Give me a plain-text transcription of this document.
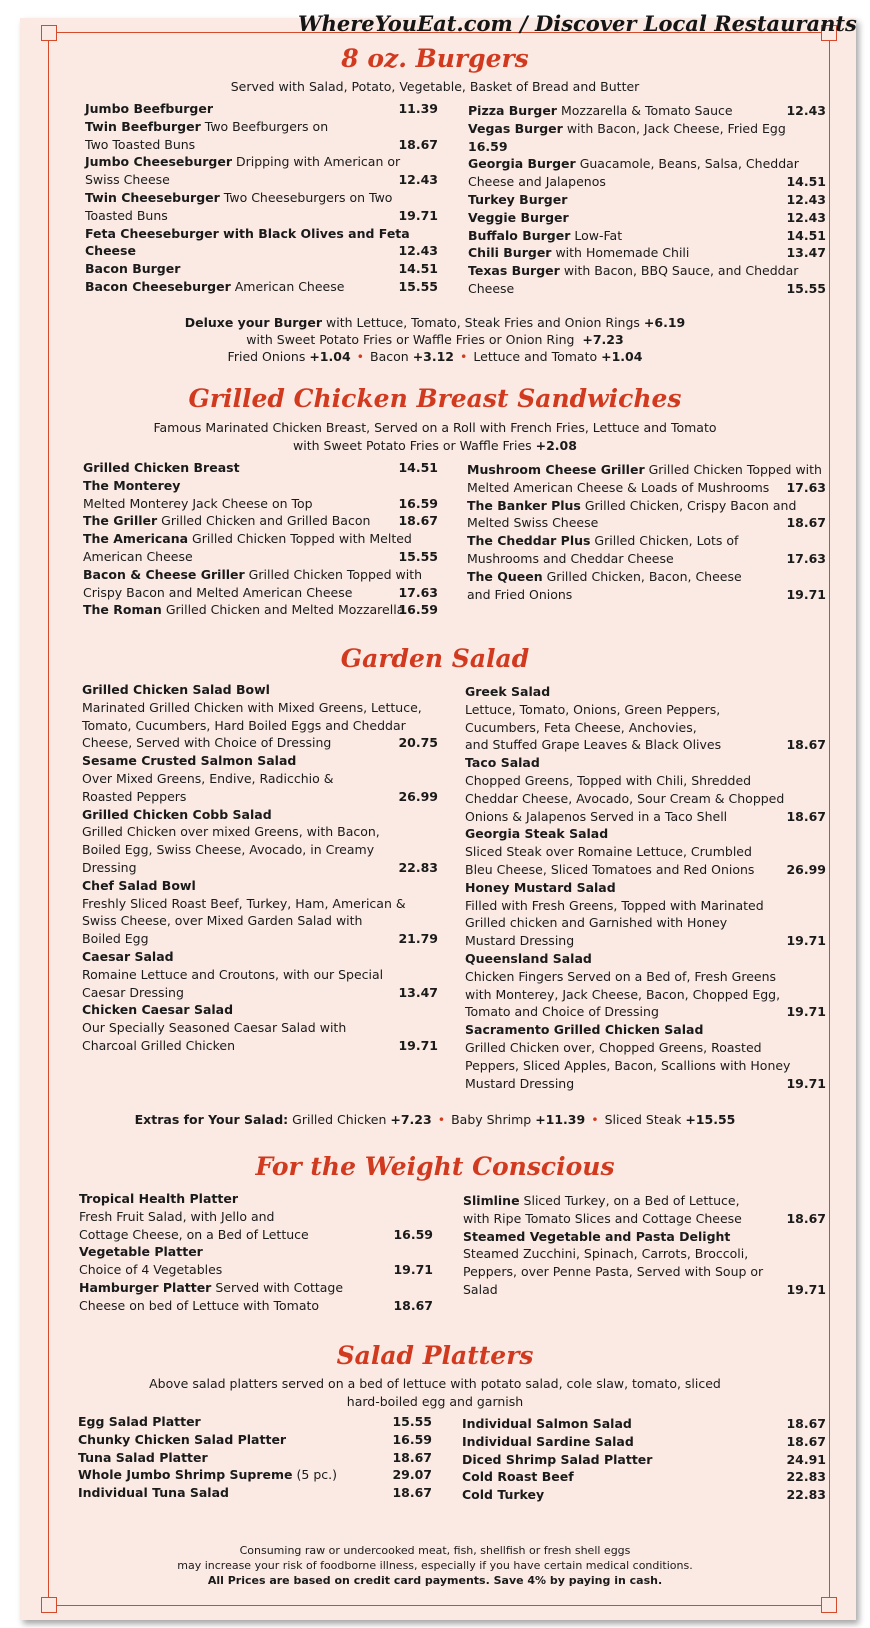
WhereYouEat.com / Discover Local Restaurants
8 oz. Burgers
Served with Salad, Potato, Vegetable, Basket of Bread and Butter
Jumbo Beefburger	11.39
Twin Beefburger Two Beefburgers on
Two Toasted Buns	18.67
Jumbo Cheeseburger Dripping with American or
Swiss Cheese	12.43
Twin Cheeseburger Two Cheeseburgers on Two
Toasted Buns	19.71
Feta Cheeseburger with Black Olives and Feta
Cheese	12.43
Bacon Burger	14.51
Bacon Cheeseburger American Cheese	15.55
Pizza Burger Mozzarella & Tomato Sauce	12.43
Vegas Burger with Bacon, Jack Cheese, Fried Egg
16.59
Georgia Burger Guacamole, Beans, Salsa, Cheddar
Cheese and Jalapenos	14.51
Turkey Burger	12.43
Veggie Burger	12.43
Buffalo Burger Low-Fat	14.51
Chili Burger with Homemade Chili	13.47
Texas Burger with Bacon, BBQ Sauce, and Cheddar
Cheese	15.55
Deluxe your Burger with Lettuce, Tomato, Steak Fries and Onion Rings +6.19
with Sweet Potato Fries or Waffle Fries or Onion Ring +7.23
Fried Onions +1.04 • Bacon +3.12 • Lettuce and Tomato +1.04
Grilled Chicken Breast Sandwiches
Famous Marinated Chicken Breast, Served on a Roll with French Fries, Lettuce and Tomato
with Sweet Potato Fries or Waffle Fries +2.08
Grilled Chicken Breast	14.51
The Monterey
Melted Monterey Jack Cheese on Top	16.59
The Griller Grilled Chicken and Grilled Bacon	18.67
The Americana Grilled Chicken Topped with Melted
American Cheese	15.55
Bacon & Cheese Griller Grilled Chicken Topped with
Crispy Bacon and Melted American Cheese	17.63
The Roman Grilled Chicken and Melted Mozzarella
16.59
Mushroom Cheese Griller Grilled Chicken Topped with
Melted American Cheese & Loads of Mushrooms	17.63
The Banker Plus Grilled Chicken, Crispy Bacon and
Melted Swiss Cheese	18.67
The Cheddar Plus Grilled Chicken, Lots of
Mushrooms and Cheddar Cheese	17.63
The Queen Grilled Chicken, Bacon, Cheese
and Fried Onions	19.71
Garden Salad
Grilled Chicken Salad Bowl
Marinated Grilled Chicken with Mixed Greens, Lettuce,
Tomato, Cucumbers, Hard Boiled Eggs and Cheddar
Cheese, Served with Choice of Dressing	20.75
Sesame Crusted Salmon Salad
Over Mixed Greens, Endive, Radicchio &
Roasted Peppers	26.99
Grilled Chicken Cobb Salad
Grilled Chicken over mixed Greens, with Bacon,
Boiled Egg, Swiss Cheese, Avocado, in Creamy
Dressing	22.83
Chef Salad Bowl
Freshly Sliced Roast Beef, Turkey, Ham, American &
Swiss Cheese, over Mixed Garden Salad with
Boiled Egg	21.79
Caesar Salad
Romaine Lettuce and Croutons, with our Special
Caesar Dressing	13.47
Chicken Caesar Salad
Our Specially Seasoned Caesar Salad with
Charcoal Grilled Chicken	19.71
Greek Salad
Lettuce, Tomato, Onions, Green Peppers,
Cucumbers, Feta Cheese, Anchovies,
and Stuffed Grape Leaves & Black Olives	18.67
Taco Salad
Chopped Greens, Topped with Chili, Shredded
Cheddar Cheese, Avocado, Sour Cream & Chopped
Onions & Jalapenos Served in a Taco Shell	18.67
Georgia Steak Salad
Sliced Steak over Romaine Lettuce, Crumbled
Bleu Cheese, Sliced Tomatoes and Red Onions	26.99
Honey Mustard Salad
Filled with Fresh Greens, Topped with Marinated
Grilled chicken and Garnished with Honey
Mustard Dressing	19.71
Queensland Salad
Chicken Fingers Served on a Bed of, Fresh Greens
with Monterey, Jack Cheese, Bacon, Chopped Egg,
Tomato and Choice of Dressing	19.71
Sacramento Grilled Chicken Salad
Grilled Chicken over, Chopped Greens, Roasted
Peppers, Sliced Apples, Bacon, Scallions with Honey
Mustard Dressing	19.71
Extras for Your Salad: Grilled Chicken +7.23 • Baby Shrimp +11.39 • Sliced Steak +15.55
For the Weight Conscious
Tropical Health Platter
Fresh Fruit Salad, with Jello and
Cottage Cheese, on a Bed of Lettuce	16.59
Vegetable Platter
Choice of 4 Vegetables	19.71
Hamburger Platter Served with Cottage
Cheese on bed of Lettuce with Tomato	18.67
Slimline Sliced Turkey, on a Bed of Lettuce,
with Ripe Tomato Slices and Cottage Cheese	18.67
Steamed Vegetable and Pasta Delight
Steamed Zucchini, Spinach, Carrots, Broccoli,
Peppers, over Penne Pasta, Served with Soup or
Salad	19.71
Salad Platters
Above salad platters served on a bed of lettuce with potato salad, cole slaw, tomato, sliced
hard-boiled egg and garnish
Egg Salad Platter	15.55
Chunky Chicken Salad Platter	16.59
Tuna Salad Platter	18.67
Whole Jumbo Shrimp Supreme (5 pc.)	29.07
Individual Tuna Salad	18.67
Individual Salmon Salad	18.67
Individual Sardine Salad	18.67
Diced Shrimp Salad Platter	24.91
Cold Roast Beef	22.83
Cold Turkey	22.83
Consuming raw or undercooked meat, fish, shellfish or fresh shell eggs
may increase your risk of foodborne illness, especially if you have certain medical conditions.
All Prices are based on credit card payments. Save 4% by paying in cash.
